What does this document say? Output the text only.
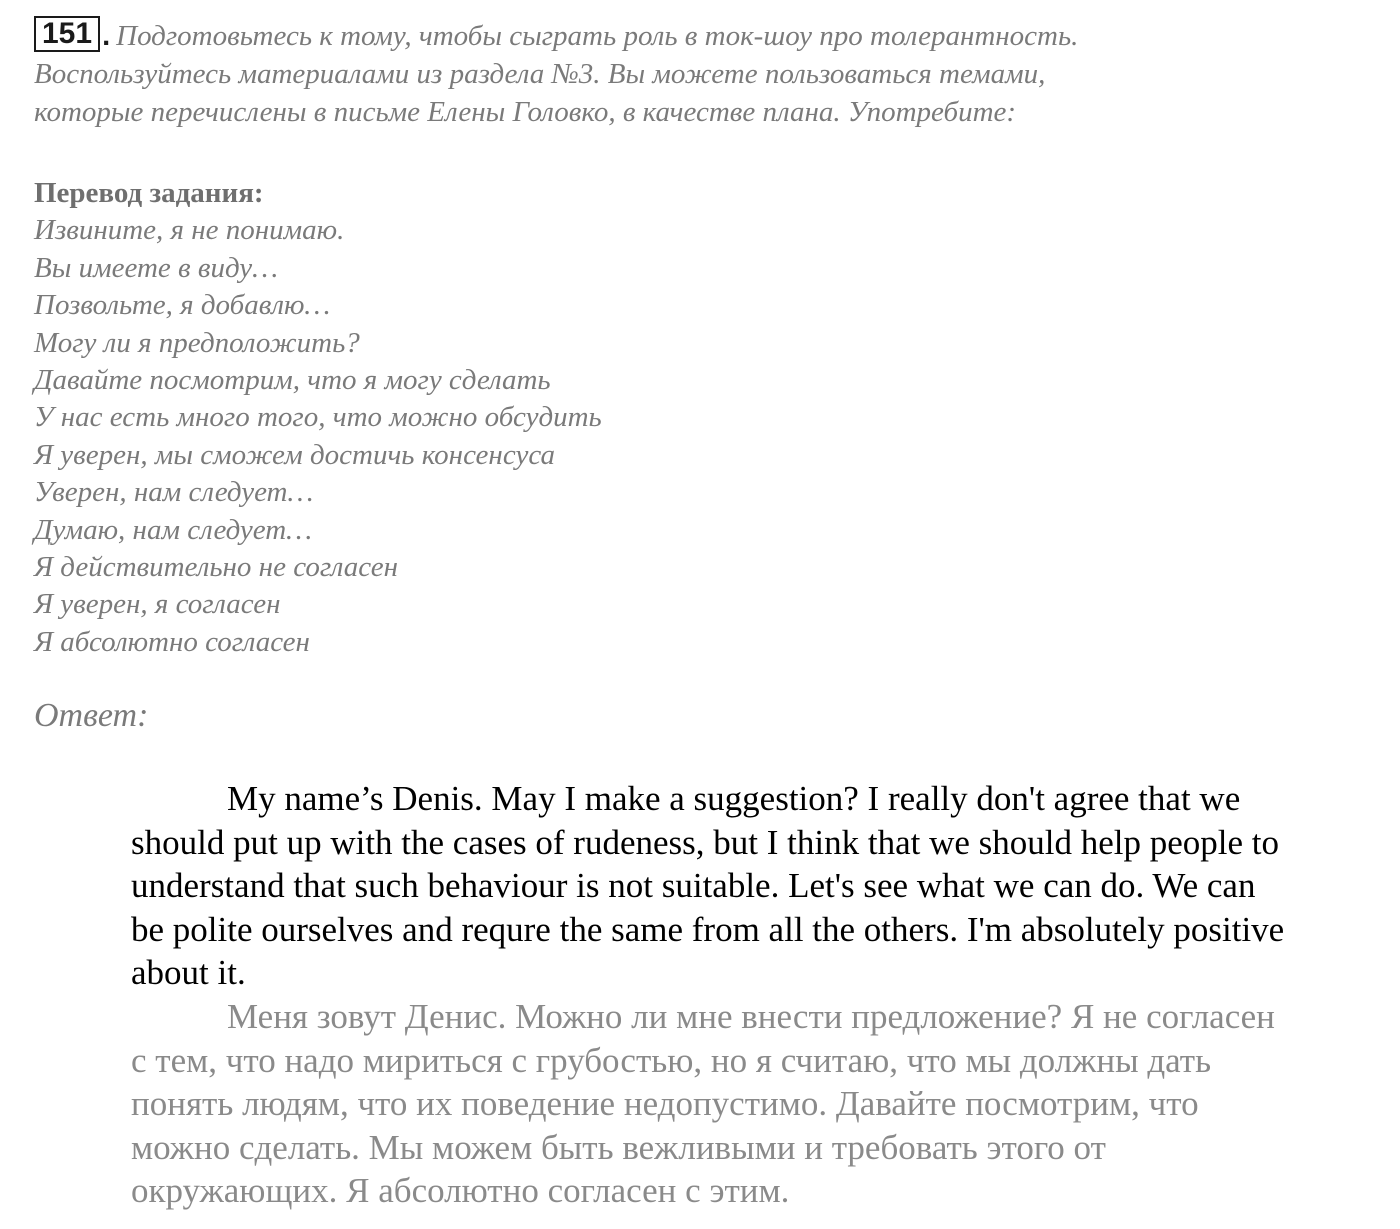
151 . Подготовьтесь к тому, чтобы сыграть роль в ток-шоу про толерантность.
Воспользуйтесь материалами из раздела №3. Вы можете пользоваться темами,
которые перечислены в письме Елены Головко, в качестве плана. Употребите:
Перевод задания:
Извините, я не понимаю.
Вы имеете в виду…
Позвольте, я добавлю…
Могу ли я предположить?
Давайте посмотрим, что я могу сделать
У нас есть много того, что можно обсудить
Я уверен, мы сможем достичь консенсуса
Уверен, нам следует…
Думаю, нам следует…
Я действительно не согласен
Я уверен, я согласен
Я абсолютно согласен
Ответ:

My name’s Denis. May I make a suggestion? I really don't agree that we should put up with the cases of rudeness, but I think that we should help people to understand that such behaviour is not suitable. Let's see what we can do. We can be polite ourselves and requre the same from all the others. I'm absolutely positive about it.

Меня зовут Денис. Можно ли мне внести предложение? Я не согласен с тем, что надо мириться с грубостью, но я считаю, что мы должны дать понять людям, что их поведение недопустимо. Давайте посмотрим, что можно сделать. Мы можем быть вежливыми и требовать этого от окружающих. Я абсолютно согласен с этим.
